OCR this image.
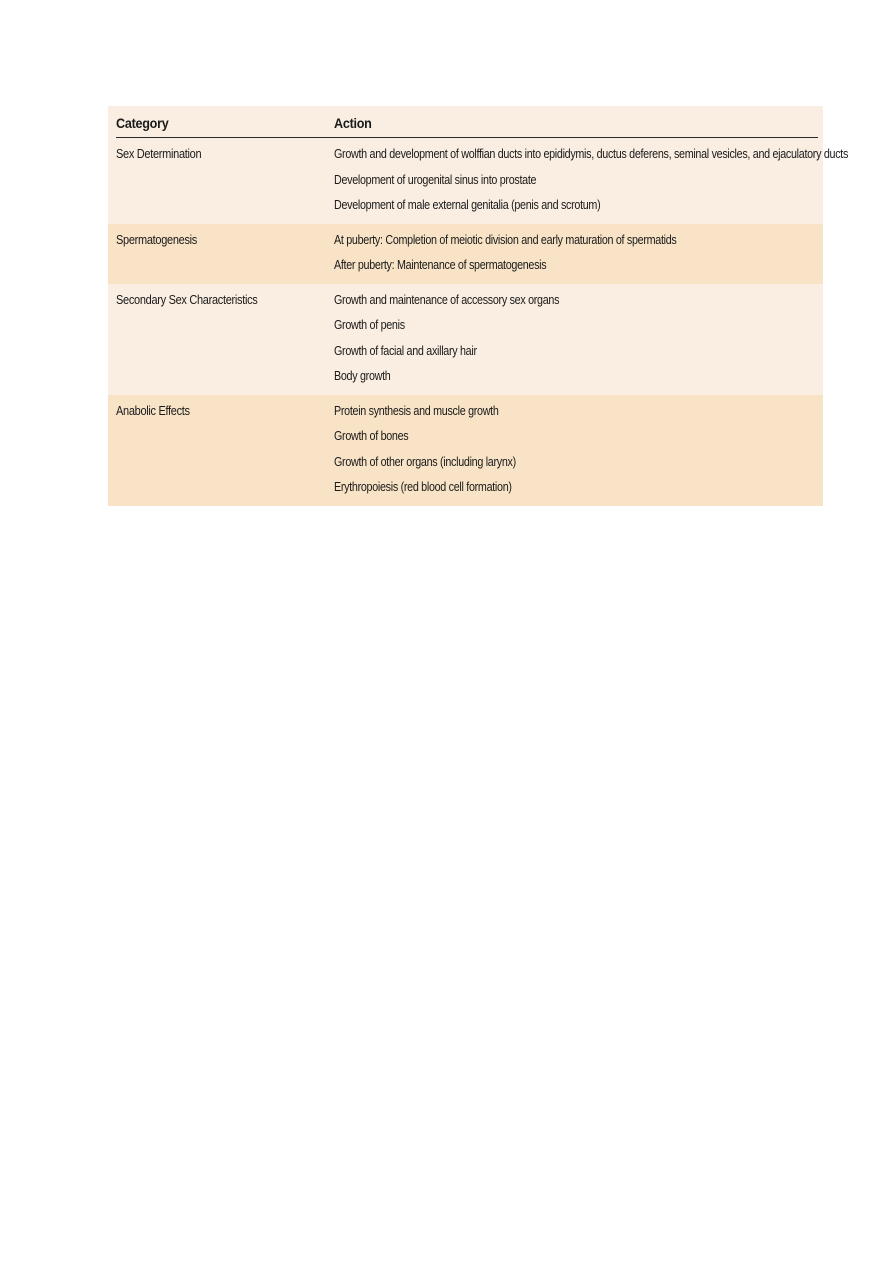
Category	Action
Sex Determination	Growth and development of wolffian ducts into epididymis, ductus deferens, seminal vesicles, and ejaculatory ducts
Development of urogenital sinus into prostate
Development of male external genitalia (penis and scrotum)
Spermatogenesis	At puberty: Completion of meiotic division and early maturation of spermatids
After puberty: Maintenance of spermatogenesis
Secondary Sex Characteristics	Growth and maintenance of accessory sex organs
Growth of penis
Growth of facial and axillary hair
Body growth
Anabolic Effects	Protein synthesis and muscle growth
Growth of bones
Growth of other organs (including larynx)
Erythropoiesis (red blood cell formation)
